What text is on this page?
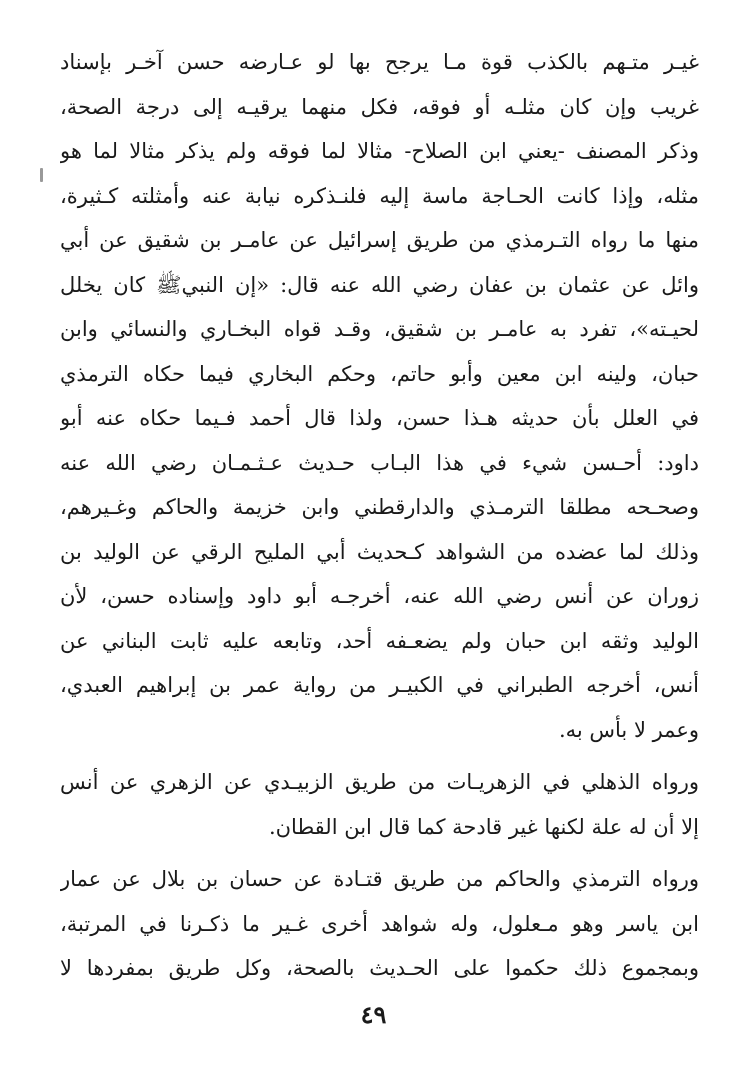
غيـر متـهم بالكذب قوة مـا يرجح بها لو عـارضه حسن آخـر بإسناد
غريب وإن كان مثلـه أو فوقه، فكل منهما يرقيـه إلى درجة الصحة،
وذكر المصنف -يعني ابن الصلاح- مثالا لما فوقه ولم يذكر مثالا لما هو
مثله، وإذا كانت الحـاجة ماسة إليه فلنـذكره نيابة عنه وأمثلته كـثيرة،
منها ما رواه التـرمذي من طريق إسرائيل عن عامـر بن شقيق عن أبي
وائل عن عثمان بن عفان رضي الله عنه قال: «إن النبيﷺ كان يخلل
لحيـته»، تفرد به عامـر بن شقيق، وقـد قواه البخـاري والنسائي وابن
حبان، ولينه ابن معين وأبو حاتم، وحكم البخاري فيما حكاه الترمذي
في العلل بأن حديثه هـذا حسن، ولذا قال أحمد فـيما حكاه عنه أبو
داود: أحـسن شيء في هذا البـاب حـديث عـثـمـان رضي الله عنه
وصحـحه مطلقا الترمـذي والدارقطني وابن خزيمة والحاكم وغـيرهم،
وذلك لما عضده من الشواهد كـحديث أبي المليح الرقي عن الوليد بن
زوران عن أنس رضي الله عنه، أخرجـه أبو داود وإسناده حسن، لأن
الوليد وثقه ابن حبان ولم يضعـفه أحد، وتابعه عليه ثابت البناني عن
أنس، أخرجه الطبراني في الكبيـر من رواية عمر بن إبراهيم العبدي،
وعمر لا بأس به.

ورواه الذهلي في الزهريـات من طريق الزبيـدي عن الزهري عن أنس
إلا أن له علة لكنها غير قادحة كما قال ابن القطان.

ورواه الترمذي والحاكم من طريق قتـادة عن حسان بن بلال عن عمار
ابن ياسر وهو مـعلول، وله شواهد أخرى غـير ما ذكـرنا في المرتبة،
وبمجموع ذلك حكموا على الحـديث بالصحة، وكل طريق بمفردها لا

٤٩
